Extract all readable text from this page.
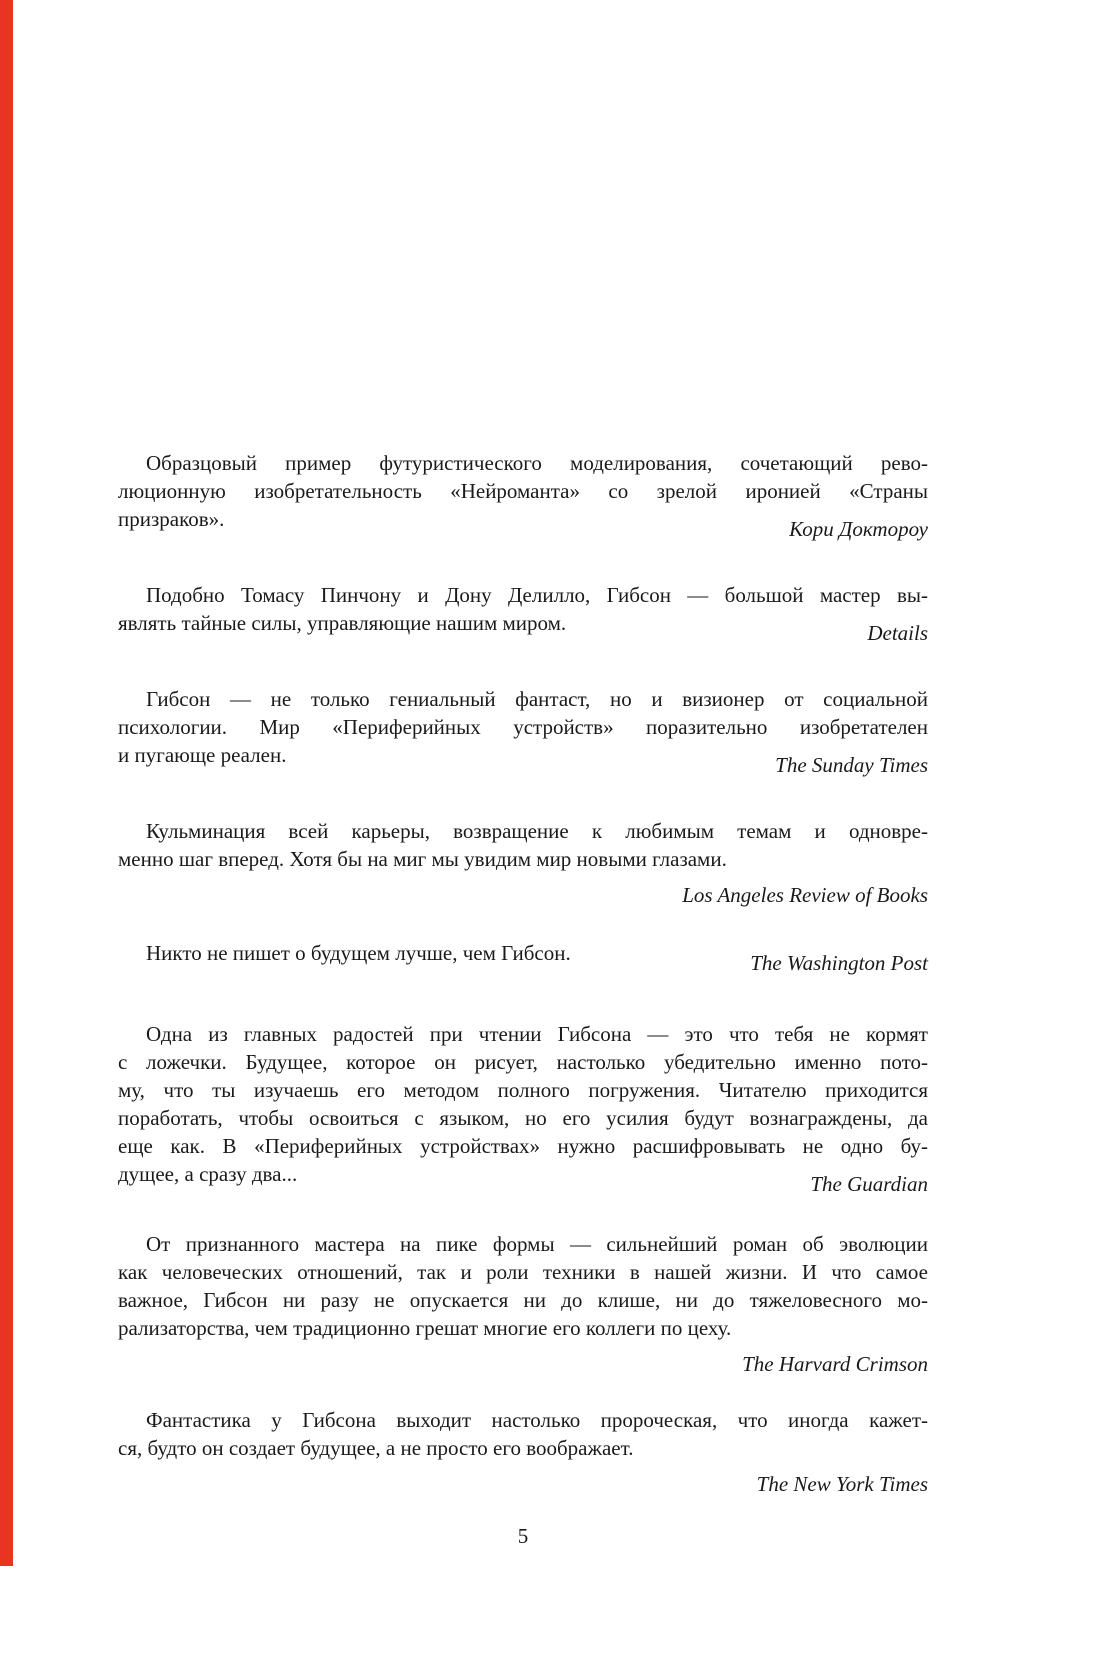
Образцовый пример футуристического моделирования, сочетающий рево-
люционную изобретательность «Нейроманта» со зрелой иронией «Страны
призраков».	Кори Доктороу
Подобно Томасу Пинчону и Дону Делилло, Гибсон — большой мастер вы-
являть тайные силы, управляющие нашим миром.	Details
Гибсон — не только гениальный фантаст, но и визионер от социальной
психологии. Мир «Периферийных устройств» поразительно изобретателен
и пугающе реален.	The Sunday Times
Кульминация всей карьеры, возвращение к любимым темам и одновре-
менно шаг вперед. Хотя бы на миг мы увидим мир новыми глазами.
Los Angeles Review of Books
Никто не пишет о будущем лучше, чем Гибсон.	The Washington Post
Одна из главных радостей при чтении Гибсона — это что тебя не кормят
с ложечки. Будущее, которое он рисует, настолько убедительно именно пото-
му, что ты изучаешь его методом полного погружения. Читателю приходится
поработать, чтобы освоиться с языком, но его усилия будут вознаграждены, да
еще как. В «Периферийных устройствах» нужно расшифровывать не одно бу-
дущее, а сразу два...	The Guardian
От признанного мастера на пике формы — сильнейший роман об эволюции
как человеческих отношений, так и роли техники в нашей жизни. И что самое
важное, Гибсон ни разу не опускается ни до клише, ни до тяжеловесного мо-
рализаторства, чем традиционно грешат многие его коллеги по цеху.
The Harvard Crimson
Фантастика у Гибсона выходит настолько пророческая, что иногда кажет-
ся, будто он создает будущее, а не просто его воображает.
The New York Times
5
